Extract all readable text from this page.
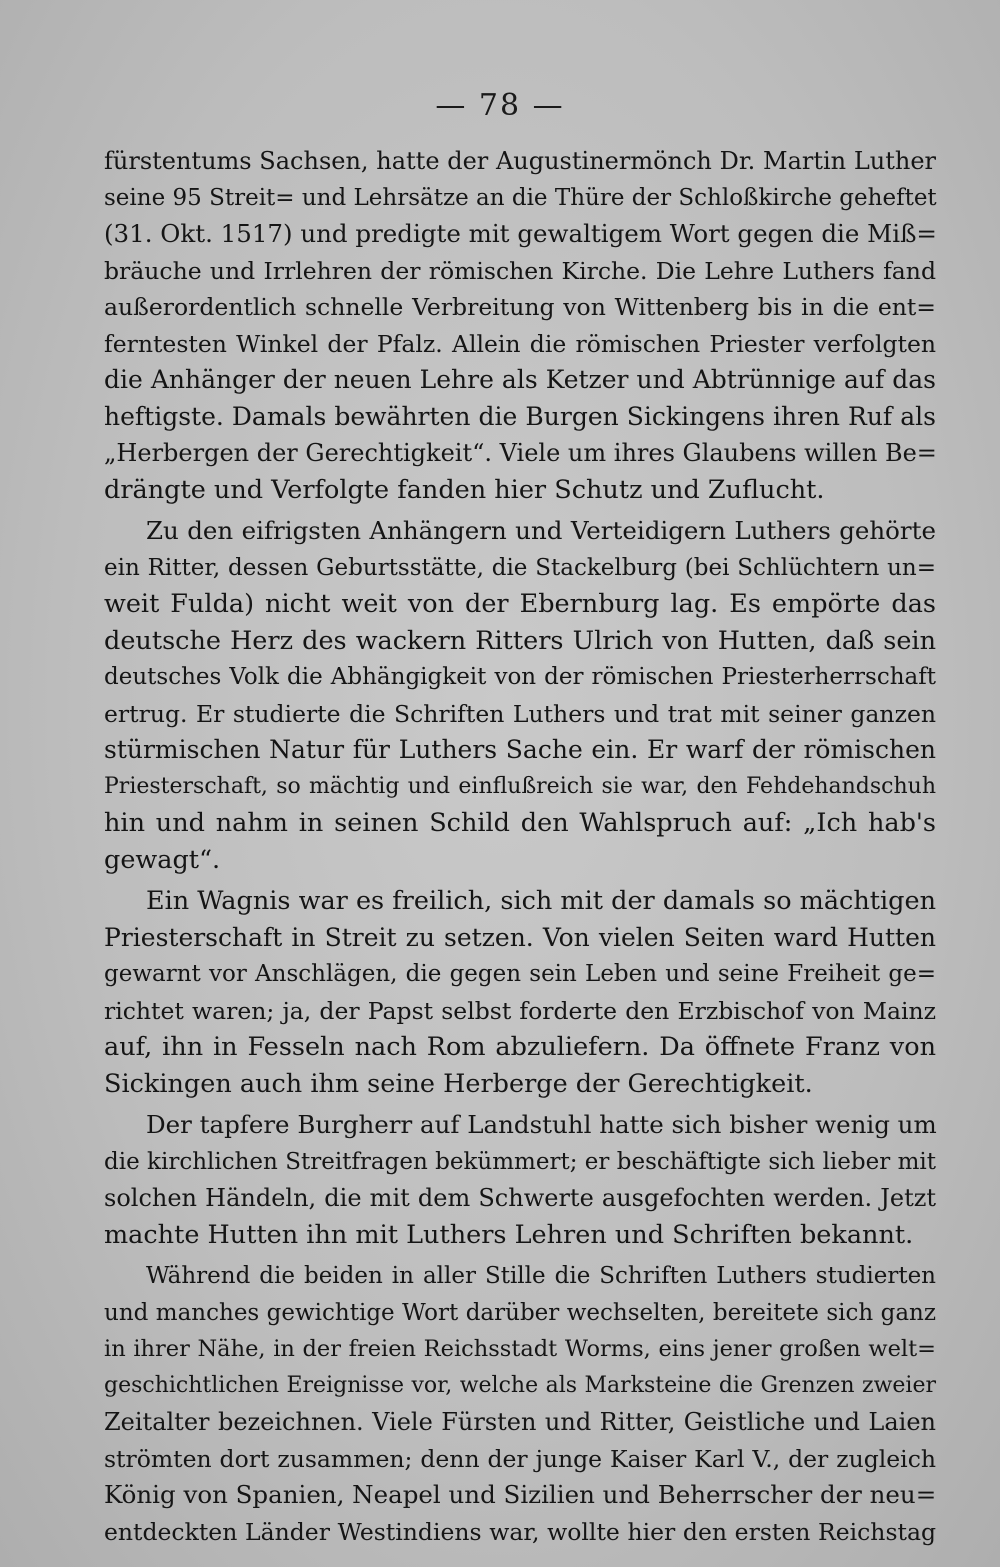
— 78 —
fürstentums Sachsen, hatte der Augustinermönch Dr. Martin Luther
seine 95 Streit= und Lehrsätze an die Thüre der Schloßkirche geheftet
(31. Okt. 1517) und predigte mit gewaltigem Wort gegen die Miß=
bräuche und Irrlehren der römischen Kirche. Die Lehre Luthers fand
außerordentlich schnelle Verbreitung von Wittenberg bis in die ent=
ferntesten Winkel der Pfalz. Allein die römischen Priester verfolgten
die Anhänger der neuen Lehre als Ketzer und Abtrünnige auf das
heftigste. Damals bewährten die Burgen Sickingens ihren Ruf als
„Herbergen der Gerechtigkeit“. Viele um ihres Glaubens willen Be=
drängte und Verfolgte fanden hier Schutz und Zuflucht.
Zu den eifrigsten Anhängern und Verteidigern Luthers gehörte
ein Ritter, dessen Geburtsstätte, die Stackelburg (bei Schlüchtern un=
weit Fulda) nicht weit von der Ebernburg lag. Es empörte das
deutsche Herz des wackern Ritters Ulrich von Hutten, daß sein
deutsches Volk die Abhängigkeit von der römischen Priesterherrschaft
ertrug. Er studierte die Schriften Luthers und trat mit seiner ganzen
stürmischen Natur für Luthers Sache ein. Er warf der römischen
Priesterschaft, so mächtig und einflußreich sie war, den Fehdehandschuh
hin und nahm in seinen Schild den Wahlspruch auf: „Ich hab's
gewagt“.
Ein Wagnis war es freilich, sich mit der damals so mächtigen
Priesterschaft in Streit zu setzen. Von vielen Seiten ward Hutten
gewarnt vor Anschlägen, die gegen sein Leben und seine Freiheit ge=
richtet waren; ja, der Papst selbst forderte den Erzbischof von Mainz
auf, ihn in Fesseln nach Rom abzuliefern. Da öffnete Franz von
Sickingen auch ihm seine Herberge der Gerechtigkeit.
Der tapfere Burgherr auf Landstuhl hatte sich bisher wenig um
die kirchlichen Streitfragen bekümmert; er beschäftigte sich lieber mit
solchen Händeln, die mit dem Schwerte ausgefochten werden. Jetzt
machte Hutten ihn mit Luthers Lehren und Schriften bekannt.
Während die beiden in aller Stille die Schriften Luthers studierten
und manches gewichtige Wort darüber wechselten, bereitete sich ganz
in ihrer Nähe, in der freien Reichsstadt Worms, eins jener großen welt=
geschichtlichen Ereignisse vor, welche als Marksteine die Grenzen zweier
Zeitalter bezeichnen. Viele Fürsten und Ritter, Geistliche und Laien
strömten dort zusammen; denn der junge Kaiser Karl V., der zugleich
König von Spanien, Neapel und Sizilien und Beherrscher der neu=
entdeckten Länder Westindiens war, wollte hier den ersten Reichstag
